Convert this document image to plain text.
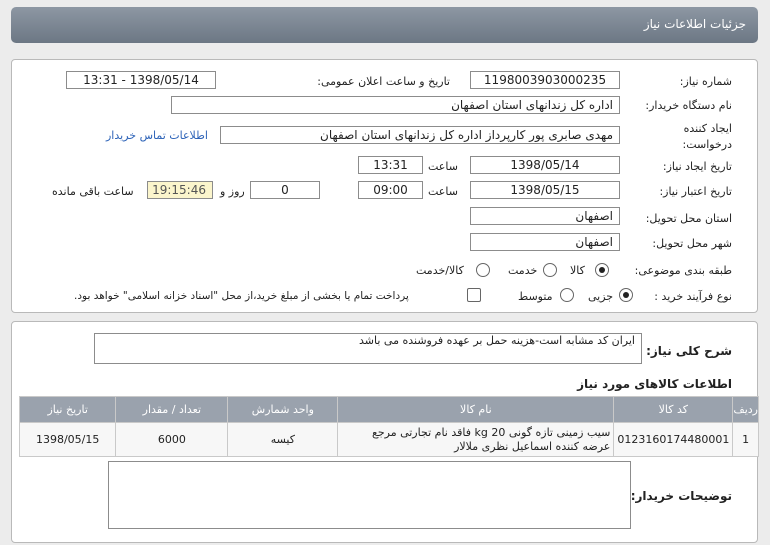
جزئیات اطلاعات نیاز
شماره نیاز:
1198003903000235
تاریخ و ساعت اعلان عمومی:
1398/05/14 - 13:31
نام دستگاه خریدار:
اداره کل زندانهای استان اصفهان
ایجاد کننده
درخواست:
مهدی صابری پور کارپرداز اداره کل زندانهای استان اصفهان
اطلاعات تماس خریدار
تاریخ ایجاد نیاز:
1398/05/14
ساعت
13:31
تاریخ اعتبار نیاز:
1398/05/15
ساعت
09:00
0
روز و
19:15:46
ساعت باقی مانده
استان محل تحویل:
اصفهان
شهر محل تحویل:
اصفهان
طبقه بندی موضوعی:
کالا
خدمت
کالا/خدمت
نوع فرآیند خرید :
جزیی
متوسط
پرداخت تمام یا بخشی از مبلغ خرید،از محل "اسناد خزانه اسلامی" خواهد بود.
شرح کلی نیاز:
ایران کد مشابه است-هزینه حمل بر عهده فروشنده می باشد
اطلاعات کالاهای مورد نیاز
ردیف	کد کالا	نام کالا	واحد شمارش	تعداد / مقدار	تاریخ نیاز
1	0123160174480001	سیب زمینی تازه گونی 20 kg فاقد نام تجارتی مرجع عرضه کننده اسماعیل نظری ملالار	کیسه	6000	1398/05/15
توضیحات خریدار:
